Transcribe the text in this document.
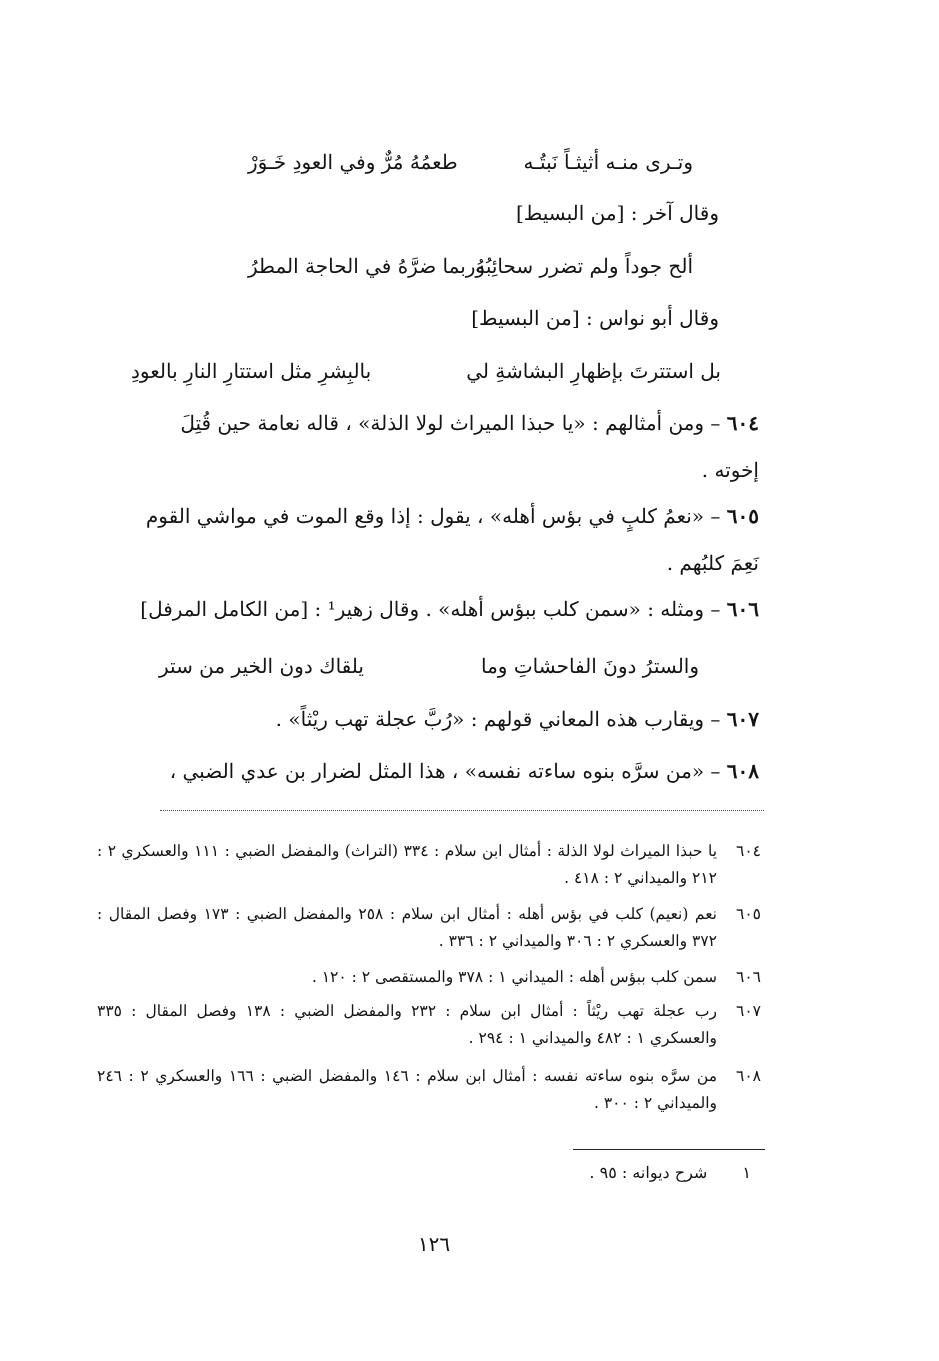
وتـرى منـه أثيثـاً نَبتُـه
طعمُهُ مُرٌّ وفي العودِ خَـوَرْ
وقال آخر : [من البسيط]
ألح جوداً ولم تضرر سحائِبُهُ
وربما ضرَّهُ في الحاجة المطرُ
وقال أبو نواس : [من البسيط]
بل استترتَ بإظهارِ البشاشةِ لي
بالبِشرِ مثل استتارِ النارِ بالعودِ
٦٠٤ – ومن أمثالهم : «يا حبذا الميراث لولا الذلة» ، قاله نعامة حين قُتِلَ
إخوته .
٦٠٥ – «نعمُ كلبٍ في بؤس أهله» ، يقول : إذا وقع الموت في مواشي القوم
نَعِمَ كلبُهم .
٦٠٦ – ومثله : «سمن كلب ببؤس أهله» . وقال زهير¹ : [من الكامل المرفل]
والسترُ دونَ الفاحشاتِ وما
يلقاك دون الخير من ستر
٦٠٧ – ويقارب هذه المعاني قولهم : «رُبَّ عجلة تهب ريْثاً» .
٦٠٨ – «من سرَّه بنوه ساءته نفسه» ، هذا المثل لضرار بن عدي الضبي ،
٦٠٤
يا حبذا الميراث لولا الذلة : أمثال ابن سلام : ٣٣٤ (التراث) والمفضل الضبي : ١١١ والعسكري ٢ : ٢١٢ والميداني ٢ : ٤١٨ .
٦٠٥
نعم (نعيم) كلب في بؤس أهله : أمثال ابن سلام : ٢٥٨ والمفضل الضبي : ١٧٣ وفصل المقال : ٣٧٢ والعسكري ٢ : ٣٠٦ والميداني ٢ : ٣٣٦ .
٦٠٦
سمن كلب ببؤس أهله : الميداني ١ : ٣٧٨ والمستقصى ٢ : ١٢٠ .
٦٠٧
رب عجلة تهب ريْثاً : أمثال ابن سلام : ٢٣٢ والمفضل الضبي : ١٣٨ وفصل المقال : ٣٣٥ والعسكري ١ : ٤٨٢ والميداني ١ : ٢٩٤ .
٦٠٨
من سرَّه بنوه ساءته نفسه : أمثال ابن سلام : ١٤٦ والمفضل الضبي : ١٦٦ والعسكري ٢ : ٢٤٦ والميداني ٢ : ٣٠٠ .
١ شرح ديوانه : ٩٥ .
١٢٦
